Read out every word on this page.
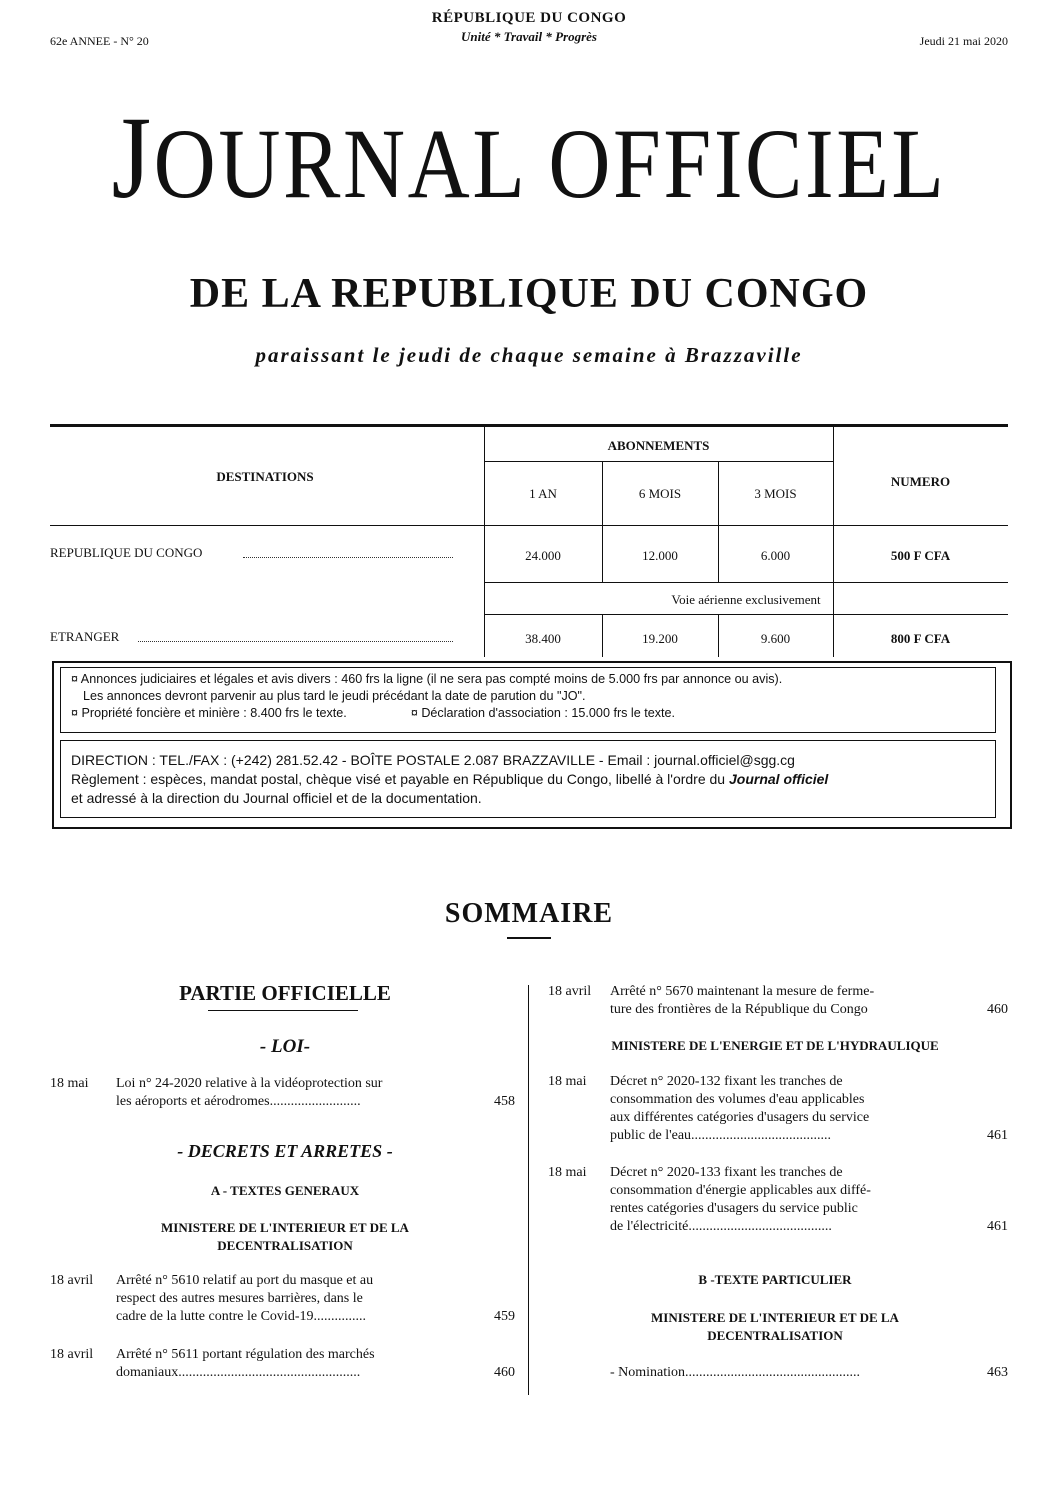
RÉPUBLIQUE DU CONGO
Unité * Travail * Progrès
62e ANNEE - N° 20	Jeudi 21 mai 2020
JOURNAL OFFICIEL
DE LA REPUBLIQUE DU CONGO
paraissant le jeudi de chaque semaine à Brazzaville
DESTINATIONS
ABONNEMENTS
NUMERO
1 AN	6 MOIS	3 MOIS
REPUBLIQUE DU CONGO	24.000	12.000	6.000	500 F CFA
Voie aérienne exclusivement
ETRANGER	38.400	19.200	9.600	800 F CFA
¤ Annonces judiciaires et légales et avis divers : 460 frs la ligne (il ne sera pas compté moins de 5.000 frs par annonce ou avis).
Les annonces devront parvenir au plus tard le jeudi précédant la date de parution du "JO".
¤ Propriété foncière et minière : 8.400 frs le texte.	¤ Déclaration d'association : 15.000 frs le texte.
DIRECTION : TEL./FAX : (+242) 281.52.42 - BOÎTE POSTALE 2.087 BRAZZAVILLE - Email : journal.officiel@sgg.cg
Règlement : espèces, mandat postal, chèque visé et payable en République du Congo, libellé à l'ordre du Journal officiel
et adressé à la direction du Journal officiel et de la documentation.
SOMMAIRE
PARTIE OFFICIELLE
- LOI-
18 mai Loi n° 24-2020 relative à la vidéoprotection sur
les aéroports et aérodromes..........................	458
- DECRETS ET ARRETES -
A - TEXTES GENERAUX
MINISTERE DE L'INTERIEUR ET DE LA
DECENTRALISATION
18 avril Arrêté n° 5610 relatif au port du masque et au
respect des autres mesures barrières, dans le
cadre de la lutte contre le Covid-19...............	459
18 avril Arrêté n° 5611 portant régulation des marchés
domaniaux....................................................	460
18 avril Arrêté n° 5670 maintenant la mesure de ferme-
ture des frontières de la République du Congo	460
MINISTERE DE L'ENERGIE ET DE L'HYDRAULIQUE
18 mai Décret n° 2020-132 fixant les tranches de
consommation des volumes d'eau applicables
aux différentes catégories d'usagers du service
public de l'eau........................................	461
18 mai Décret n° 2020-133 fixant les tranches de
consommation d'énergie applicables aux diffé-
rentes catégories d'usagers du service public
de l'électricité.........................................	461
B -TEXTE PARTICULIER
MINISTERE DE L'INTERIEUR ET DE LA
DECENTRALISATION
- Nomination..................................................	463
